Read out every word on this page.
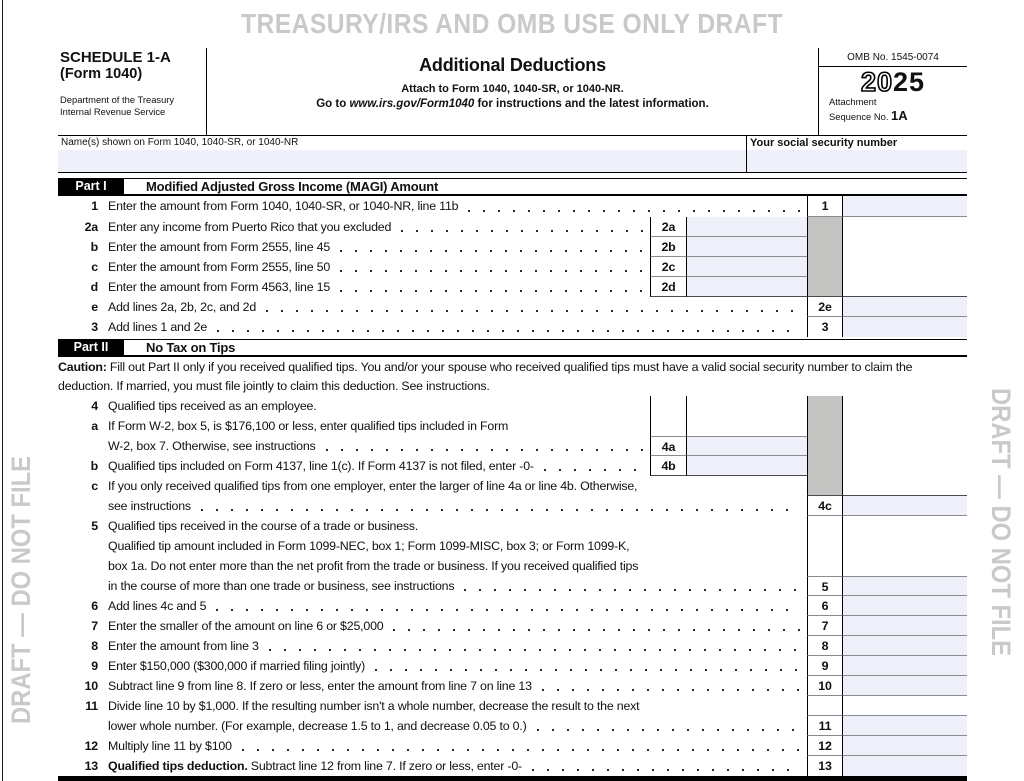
TREASURY/IRS AND OMB USE ONLY DRAFT
DRAFT — DO NOT FILE	DRAFT — DO NOT FILE
SCHEDULE 1-A
(Form 1040)
Department of the Treasury
Internal Revenue Service
Additional Deductions
Attach to Form 1040, 1040-SR, or 1040-NR.
Go to www.irs.gov/Form1040 for instructions and the latest information.
OMB No. 1545-0074
2025
Attachment
Sequence No. 1A
Name(s) shown on Form 1040, 1040-SR, or 1040-NR	Your social security number
Part I	Modified Adjusted Gross Income (MAGI) Amount
1 Enter the amount from Form 1040, 1040-SR, or 1040-NR, line 11b	1
2a Enter any income from Puerto Rico that you excluded	2a
b Enter the amount from Form 2555, line 45	2b
c Enter the amount from Form 2555, line 50	2c
d Enter the amount from Form 4563, line 15	2d
e Add lines 2a, 2b, 2c, and 2d	2e
3 Add lines 1 and 2e	3
Part II	No Tax on Tips
Caution: Fill out Part II only if you received qualified tips. You and/or your spouse who received qualified tips must have a valid social security number to claim the deduction. If married, you must file jointly to claim this deduction. See instructions.
4 Qualified tips received as an employee.
a If Form W-2, box 5, is $176,100 or less, enter qualified tips included in Form
W-2, box 7. Otherwise, see instructions	4a
b Qualified tips included on Form 4137, line 1(c). If Form 4137 is not filed, enter -0-	4b
c If you only received qualified tips from one employer, enter the larger of line 4a or line 4b. Otherwise,
see instructions	4c
5 Qualified tips received in the course of a trade or business.
Qualified tip amount included in Form 1099-NEC, box 1; Form 1099-MISC, box 3; or Form 1099-K,
box 1a. Do not enter more than the net profit from the trade or business. If you received qualified tips
in the course of more than one trade or business, see instructions	5
6 Add lines 4c and 5	6
7 Enter the smaller of the amount on line 6 or $25,000	7
8 Enter the amount from line 3	8
9 Enter $150,000 ($300,000 if married filing jointly)	9
10 Subtract line 9 from line 8. If zero or less, enter the amount from line 7 on line 13	10
11 Divide line 10 by $1,000. If the resulting number isn't a whole number, decrease the result to the next
lower whole number. (For example, decrease 1.5 to 1, and decrease 0.05 to 0.)	11
12 Multiply line 11 by $100	12
13 Qualified tips deduction. Subtract line 12 from line 7. If zero or less, enter -0-	13
